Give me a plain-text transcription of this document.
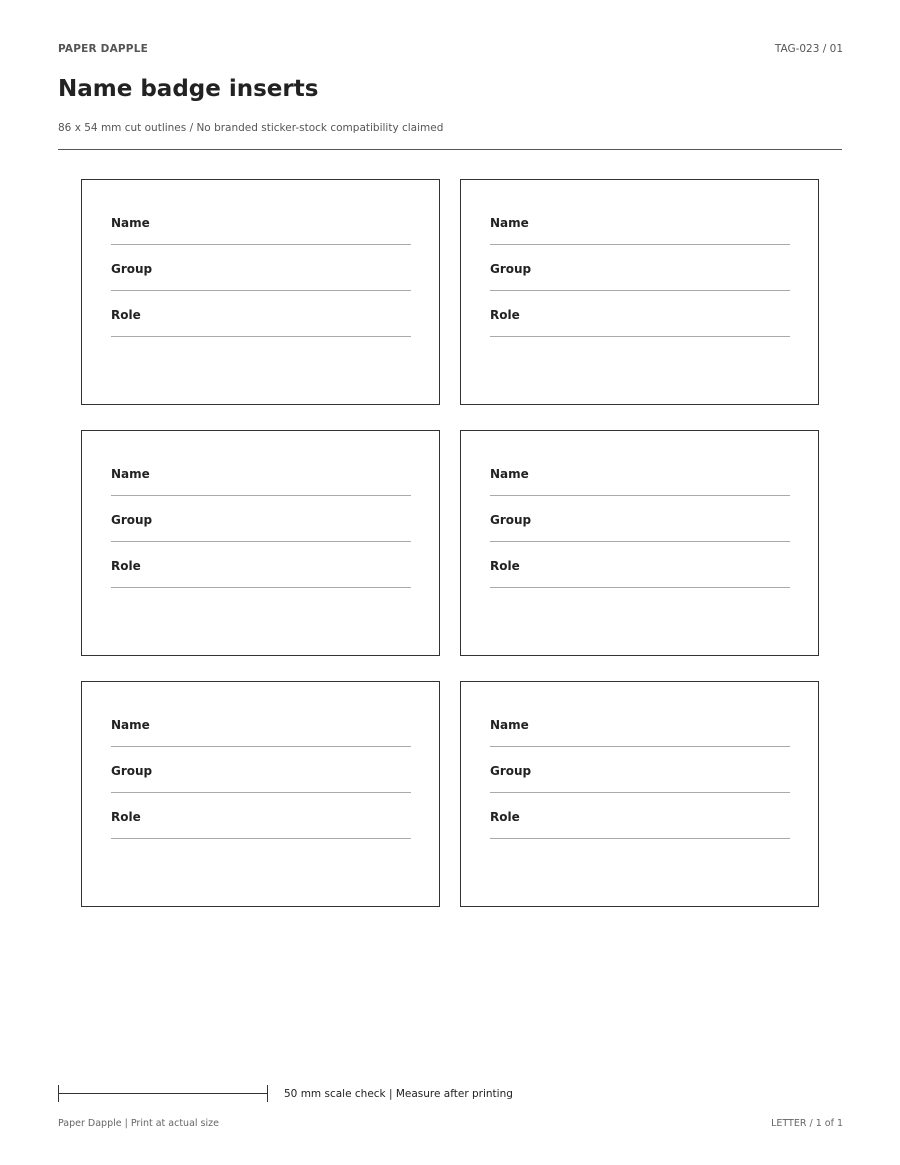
PAPER DAPPLE	TAG-023 / 01
Name badge inserts
86 x 54 mm cut outlines / No branded sticker-stock compatibility claimed
Name
Group
Role
Name
Group
Role
Name
Group
Role
Name
Group
Role
Name
Group
Role
Name
Group
Role
50 mm scale check | Measure after printing
Paper Dapple | Print at actual size	LETTER / 1 of 1
